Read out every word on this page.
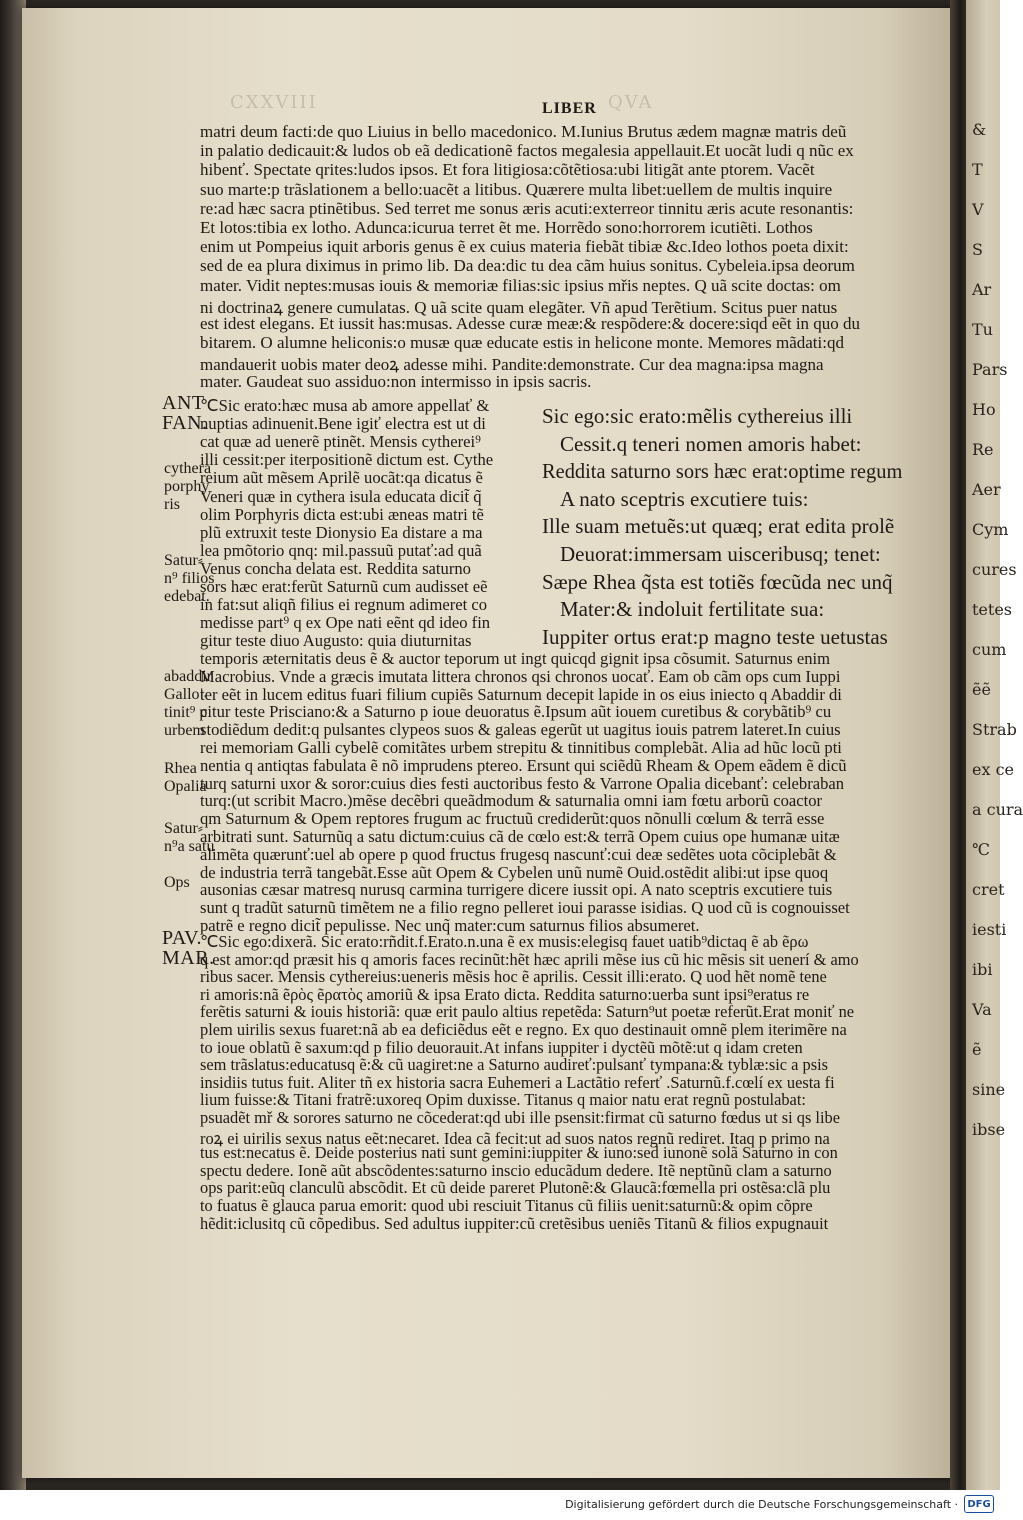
CXXVIII	QVA
LIBER
matri deum facti:de quo Liuius in bello macedonico. M.Iunius Brutus ædem magnæ matris deũ
in palatio dedicauit:& ludos ob eã dedicationẽ factos megalesia appellauit.Et uocãt ludi q nũc ex
hibenť. Spectate qrites:ludos ipsos. Et fora litigiosa:cõtẽtiosa:ubi litigãt ante ptorem. Vacẽt
suo marte:p trãslationem a bello:uacẽt a litibus. Quærere multa libet:uellem de multis inquire
re:ad hæc sacra ptinẽtibus. Sed terret me sonus æris acuti:exterreor tinnitu æris acute resonantis:
Et lotos:tibia ex lotho. Adunca:icurua terret ẽt me. Horrẽdo sono:horrorem icutiẽti. Lothos
enim ut Pompeius iquit arboris genus ẽ ex cuius materia fiebãt tibiæ &c.Ideo lothos poeta dixit:
sed de ea plura diximus in primo lib. Da dea:dic tu dea cãm huius sonitus. Cybeleia.ipsa deorum
mater. Vidit neptes:musas iouis & memoriæ filias:sic ipsius mřis neptes. Q uã scite doctas: om
ni doctrinaꝝ genere cumulatas. Q uã scite quam elegãter. Vñ apud Terẽtium. Scitus puer natus
est idest elegans. Et iussit has:musas. Adesse curæ meæ:& respõdere:& docere:siqd eẽt in quo du
bitarem. O alumne heliconis:o musæ quæ educate estis in helicone monte. Memores mãdati:qd
mandauerit uobis mater deoꝝ adesse mihi. Pandite:demonstrate. Cur dea magna:ipsa magna
mater. Gaudeat suo assiduo:non intermisso in ipsis sacris.
ANT
FAN.
℃Sic erato:hæc musa ab amore appellať &
nuptias adinuenit.Bene igiť electra est ut di
cat quæ ad uenerẽ ptinẽt. Mensis cytherei⁹
illi cessit:per iterpositionẽ dictum est. Cythe
reium aũt mẽsem Aprilẽ uocãt:qa dicatus ẽ
Veneri quæ in cythera isula educata dicit̃ q̃
olim Porphyris dicta est:ubi æneas matri tẽ
plũ extruxit teste Dionysio Ea distare a ma
lea pmõtorio qnq: mil.passuũ putať:ad quã
Venus concha delata est. Reddita saturno
sors hæc erat:ferũt Saturnũ cum audisset eẽ
in fat:sut aliqñ filius ei regnum adimeret co
medisse part⁹ q ex Ope nati eẽnt qd ideo fin
gitur teste diuo Augusto: quia diuturnitas
Sic ego:sic erato:mẽlis cythereius illi
Cessit.q teneri nomen amoris habet:
Reddita saturno sors hæc erat:optime regum
A nato sceptris excutiere tuis:
Ille suam metuẽs:ut quæq; erat edita prolẽ
Deuorat:immersam uisceribusq; tenet:
Sæpe Rhea q̃sta est totiẽs fœcũda nec unq̃
Mater:& indoluit fertilitate sua:
Iuppiter ortus erat:p magno teste uetustas
temporis æternitatis deus ẽ & auctor teporum ut ingt quicqd gignit ipsa cõsumit. Saturnus enim
Macrobius. Vnde a græcis imutata littera chronos qsi chronos uocať. Eam ob cãm ops cum Iuppi
ter eẽt in lucem editus fuari filium cupiẽs Saturnum decepit lapide in os eius iniecto q Abaddir di
citur teste Prisciano:& a Saturno p ioue deuoratus ẽ.Ipsum aũt iouem curetibus & corybãtib⁹ cu
stodiẽdum dedit:q pulsantes clypeos suos & galeas egerũt ut uagitus iouis patrem lateret.In cuius
rei memoriam Galli cybelẽ comitãtes urbem strepitu & tinnitibus complebãt. Alia ad hũc locũ pti
nentia q antiqtas fabulata ẽ nõ imprudens ptereo. Ersunt qui sciẽdũ Rheam & Opem eãdem ẽ dicũ
turq saturni uxor & soror:cuius dies festi auctoribus festo & Varrone Opalia dicebanť: celebraban
turq:(ut scribit Macro.)mẽse decẽbri queãdmodum & saturnalia omni iam fœtu arborũ coactor
qm Saturnum & Opem reptores frugum ac fructuũ crediderũt:quos nõnulli cœlum & terrã esse
arbitrati sunt. Saturnũq a satu dictum:cuius cã de cœlo est:& terrã Opem cuius ope humanæ uitæ
alimẽta quærunť:uel ab opere p quod fructus frugesq nascunť:cui deæ sedẽtes uota cõciplebãt &
de industria terrã tangebãt.Esse aũt Opem & Cybelen unũ numẽ Ouid.ostẽdit alibi:ut ipse quoq
ausonias cæsar matresq nurusq carmina turrigere dicere iussit opi. A nato sceptris excutiere tuis
sunt q tradũt saturnũ timẽtem ne a filio regno pelleret ioui parasse isidias. Q uod cũ is cognouisset
patrẽ e regno dicit̃ pepulisse. Nec unq̃ mater:cum saturnus filios absumeret.
PAV.
MAR.
℃Sic ego:dixerã. Sic erato:rñdit.f.Erato.n.una ẽ ex musis:elegisq fauet uatib⁹dictaq ẽ ab ẽρω
q est amor:qd præsit his q amoris faces recinũt:hẽt hæc aprili mẽse ius cũ hic mẽsis sit uenerí & amo
ribus sacer. Mensis cythereius:ueneris mẽsis hoc ẽ aprilis. Cessit illi:erato. Q uod hẽt nomẽ tene
ri amoris:nã ẽρὸς ẽρατὸς amoriũ & ipsa Erato dicta. Reddita saturno:uerba sunt ipsi⁹eratus re
ferẽtis saturni & iouis historiã: quæ erit paulo altius repetẽda: Saturn⁹ut poetæ referũt.Erat moniť ne
plem uirilis sexus fuaret:nã ab ea deficiẽdus eẽt e regno. Ex quo destinauit omnẽ plem iterimẽre na
to ioue oblatũ ẽ saxum:qd p filio deuorauit.At infans iuppiter i dyctẽũ mõtẽ:ut q idam creten
sem trãslatus:educatusq ẽ:& cũ uagiret:ne a Saturno audireť:pulsanť tympana:& tyblæ:sic a psis
insidiis tutus fuit. Aliter tñ ex historia sacra Euhemeri a Lactãtio referť .Saturnũ.f.cœlí ex uesta fi
lium fuisse:& Titani fratrẽ:uxoreq Opim duxisse. Titanus q maior natu erat regnũ postulabat:
psuadẽt mř & sorores saturno ne cõcederat:qd ubi ille psensit:firmat cũ saturno fœdus ut si qs libe
roꝝ ei uirilis sexus natus eẽt:necaret. Idea cã fecit:ut ad suos natos regnũ rediret. Itaq p primo na
tus est:necatus ẽ. Deide posterius nati sunt gemini:iuppiter & iuno:sed iunonẽ solã Saturno in con
spectu dedere. Ionẽ aũt abscõdentes:saturno inscio educãdum dedere. Itẽ neptũnũ clam a saturno
ops parit:eũq clanculũ abscõdit. Et cũ deide pareret Plutonẽ:& Glaucã:fœmella pri ostẽsa:clã plu
to fuatus ẽ glauca parua emorit: quod ubi resciuit Titanus cũ filiis uenit:saturnũ:& opim cõpre
hẽdit:iclusitq cũ cõpedibus. Sed adultus iuppiter:cũ cretẽsibus ueniẽs Titanũ & filios expugnauit
cythera
porphy
ris
Satur⸗
n⁹ filios
edebat.
abaddir
Gallo꜐
tinit⁹ p
urbem
Rhea
Opalia
Satur⸗
n⁹a satu
Ops
&
T
V
S
Ar
Tu
Pars
Ho
Re
Aer
Cym
cures
tetes
cum
ẽẽ
Strab
ex ce
a cura
℃
cret
iesti
ibi
Va
ẽ
sine
ibse
Digitalisierung gefördert durch die Deutsche Forschungsgemeinschaft · DFG
